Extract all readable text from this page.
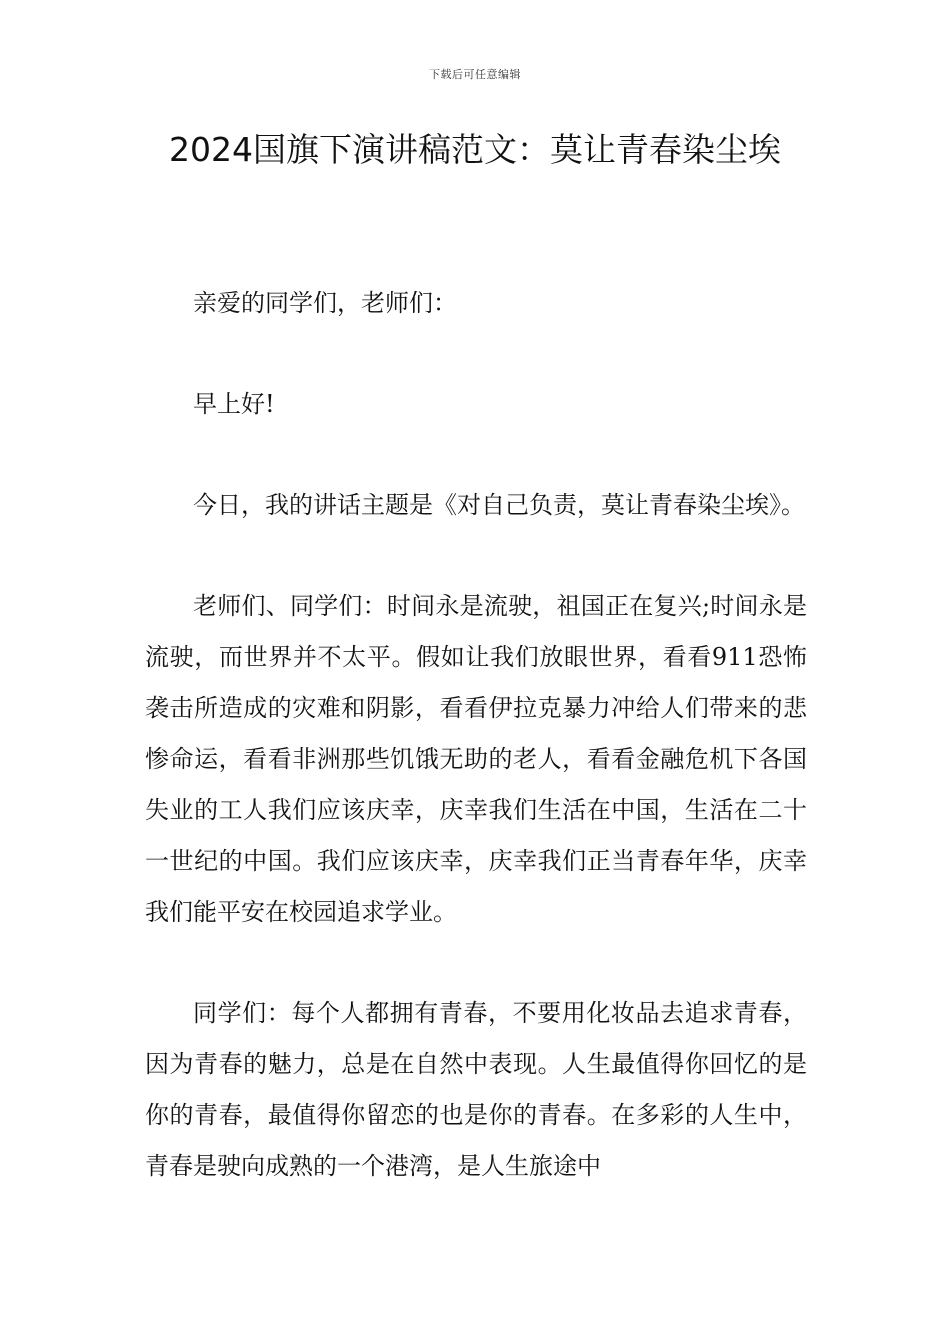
下载后可任意编辑
2024国旗下演讲稿范文：莫让青春染尘埃

亲爱的同学们，老师们：

早上好!

今日，我的讲话主题是《对自己负责，莫让青春染尘埃》。

老师们、同学们：时间永是流驶，祖国正在复兴;时间永是流驶，而世界并不太平。假如让我们放眼世界，看看911恐怖袭击所造成的灾难和阴影，看看伊拉克暴力冲给人们带来的悲惨命运，看看非洲那些饥饿无助的老人，看看金融危机下各国失业的工人我们应该庆幸，庆幸我们生活在中国，生活在二十一世纪的中国。我们应该庆幸，庆幸我们正当青春年华，庆幸我们能平安在校园追求学业。

同学们：每个人都拥有青春，不要用化妆品去追求青春，因为青春的魅力，总是在自然中表现。人生最值得你回忆的是你的青春，最值得你留恋的也是你的青春。在多彩的人生中，青春是驶向成熟的一个港湾，是人生旅途中
